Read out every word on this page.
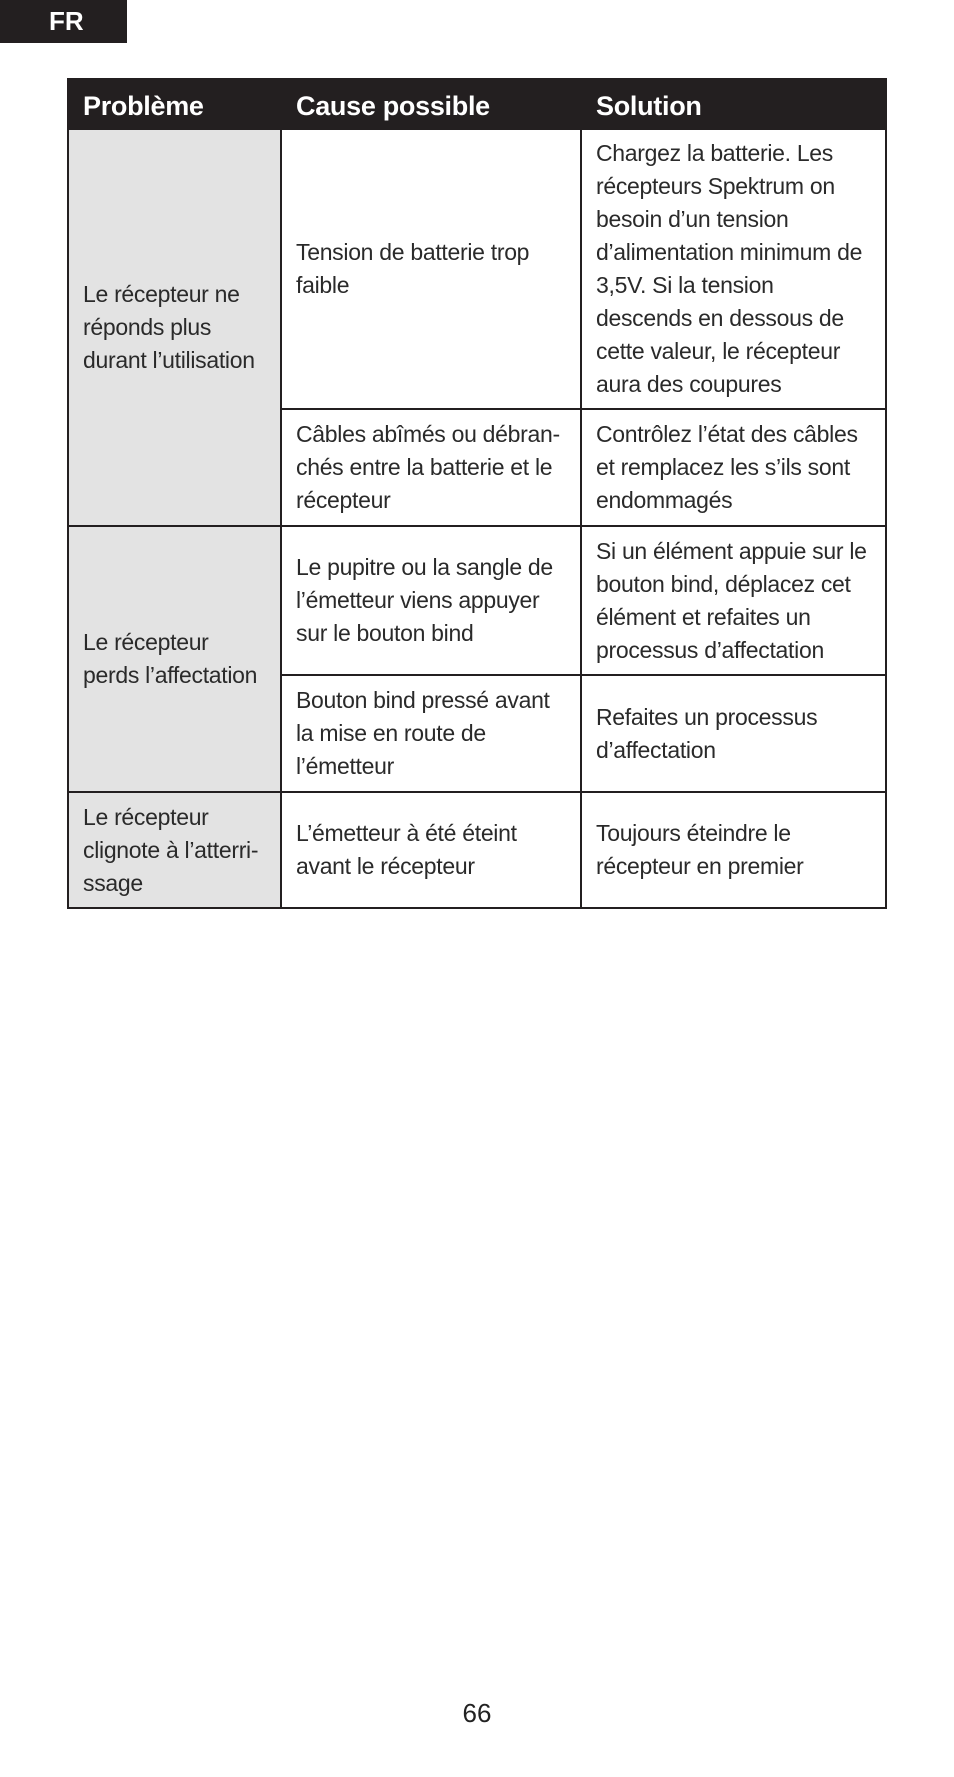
FR
Problème	Cause possible	Solution
Le récepteur ne réponds plus durant l’utilisation	Tension de batterie trop faible	Chargez la batterie. Les récepteurs Spektrum on besoin d’un tension d’alimentation minimum de 3,5V. Si la tension descends en dessous de cette valeur, le récepteur aura des coupures
	Câbles abîmés ou débran-chés entre la batterie et le récepteur	Contrôlez l’état des câbles et remplacez les s’ils sont endommagés
Le récepteur perds l’affectation	Le pupitre ou la sangle de l’émetteur viens appuyer sur le bouton bind	Si un élément appuie sur le bouton bind, déplacez cet élément et refaites un processus d’affectation
	Bouton bind pressé avant la mise en route de l’émetteur	Refaites un processus d’affectation
Le récepteur clignote à l’atterri-ssage	L’émetteur à été éteint avant le récepteur	Toujours éteindre le récepteur en premier
66
